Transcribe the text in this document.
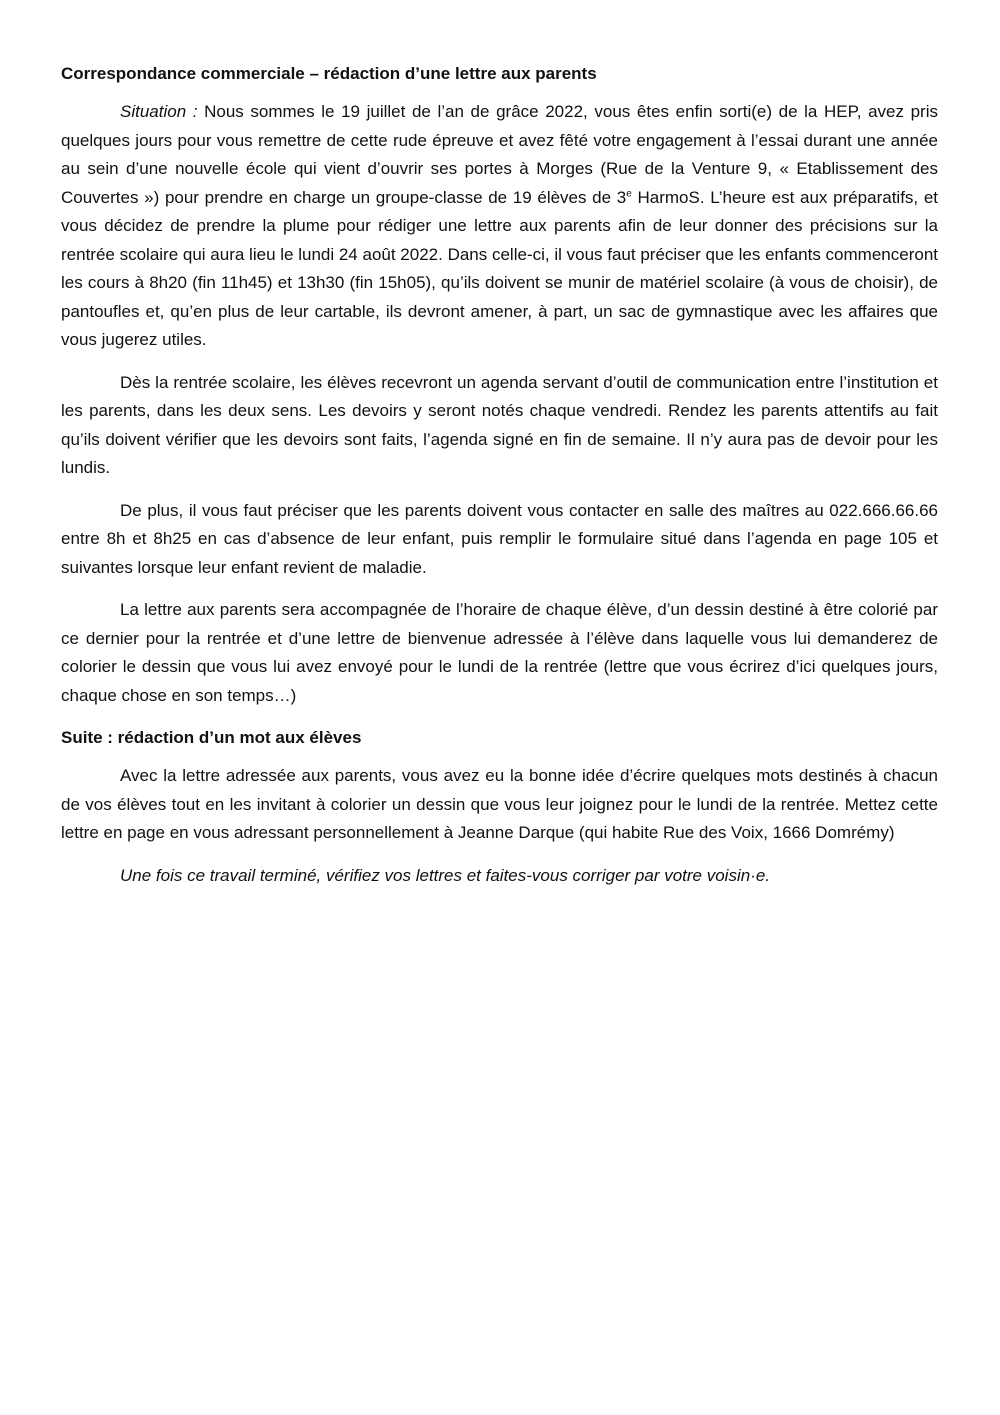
Correspondance commerciale – rédaction d’une lettre aux parents

Situation : Nous sommes le 19 juillet de l’an de grâce 2022, vous êtes enfin sorti(e) de la HEP, avez pris quelques jours pour vous remettre de cette rude épreuve et avez fêté votre engagement à l’essai durant une année au sein d’une nouvelle école qui vient d’ouvrir ses portes à Morges (Rue de la Venture 9, « Etablissement des Couvertes ») pour prendre en charge un groupe-classe de 19 élèves de 3e HarmoS. L’heure est aux préparatifs, et vous décidez de prendre la plume pour rédiger une lettre aux parents afin de leur donner des précisions sur la rentrée scolaire qui aura lieu le lundi 24 août 2022. Dans celle-ci, il vous faut préciser que les enfants commenceront les cours à 8h20 (fin 11h45) et 13h30 (fin 15h05), qu’ils doivent se munir de matériel scolaire (à vous de choisir), de pantoufles et, qu’en plus de leur cartable, ils devront amener, à part, un sac de gymnastique avec les affaires que vous jugerez utiles.

Dès la rentrée scolaire, les élèves recevront un agenda servant d’outil de communication entre l’institution et les parents, dans les deux sens. Les devoirs y seront notés chaque vendredi. Rendez les parents attentifs au fait qu’ils doivent vérifier que les devoirs sont faits, l’agenda signé en fin de semaine. Il n’y aura pas de devoir pour les lundis.

De plus, il vous faut préciser que les parents doivent vous contacter en salle des maîtres au 022.666.66.66 entre 8h et 8h25 en cas d’absence de leur enfant, puis remplir le formulaire situé dans l’agenda en page 105 et suivantes lorsque leur enfant revient de maladie.

La lettre aux parents sera accompagnée de l’horaire de chaque élève, d’un dessin destiné à être colorié par ce dernier pour la rentrée et d’une lettre de bienvenue adressée à l’élève dans laquelle vous lui demanderez de colorier le dessin que vous lui avez envoyé pour le lundi de la rentrée (lettre que vous écrirez d’ici quelques jours, chaque chose en son temps…)

Suite : rédaction d’un mot aux élèves

Avec la lettre adressée aux parents, vous avez eu la bonne idée d’écrire quelques mots destinés à chacun de vos élèves tout en les invitant à colorier un dessin que vous leur joignez pour le lundi de la rentrée. Mettez cette lettre en page en vous adressant personnellement à Jeanne Darque (qui habite Rue des Voix, 1666 Domrémy)

Une fois ce travail terminé, vérifiez vos lettres et faites-vous corriger par votre voisin·e.
